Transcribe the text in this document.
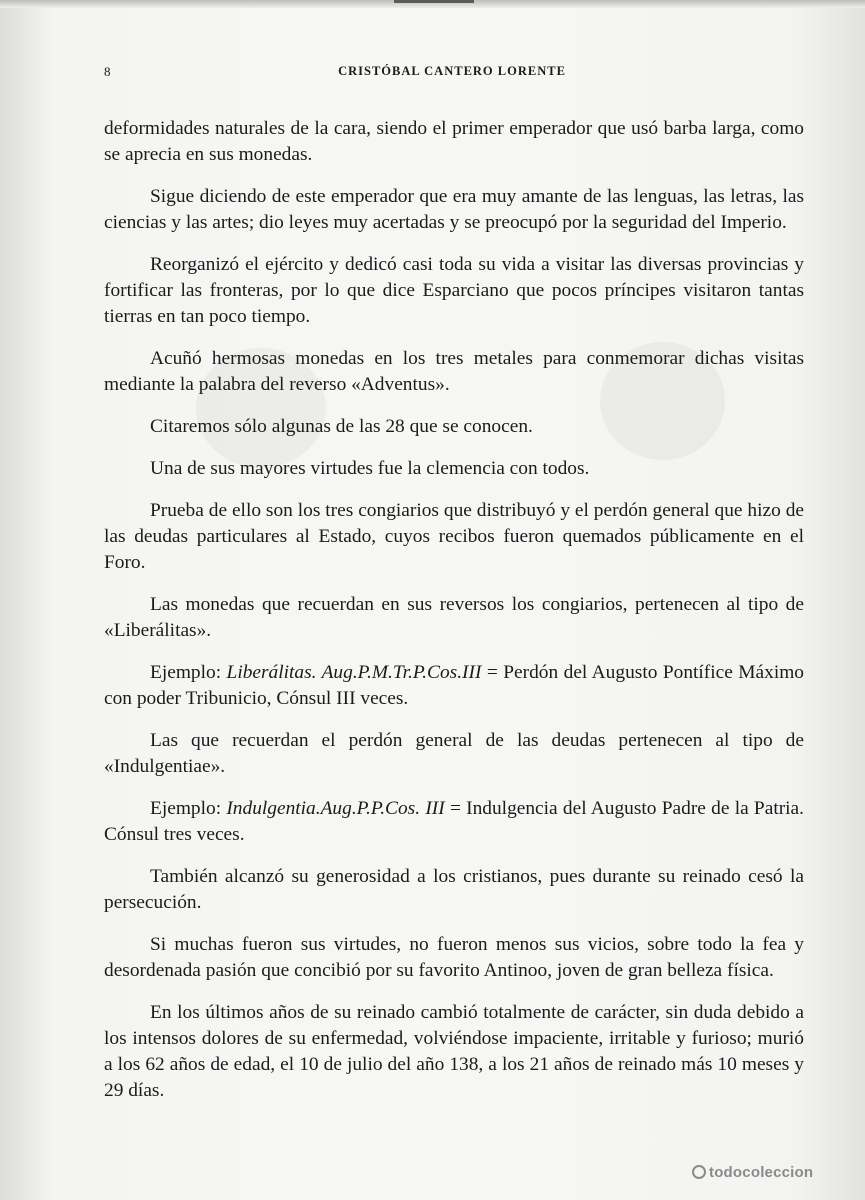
8	CRISTÓBAL CANTERO LORENTE

deformidades naturales de la cara, siendo el primer emperador que usó barba larga, como se aprecia en sus monedas.

Sigue diciendo de este emperador que era muy amante de las lenguas, las letras, las ciencias y las artes; dio leyes muy acertadas y se preocupó por la seguridad del Imperio.

Reorganizó el ejército y dedicó casi toda su vida a visitar las diversas provincias y fortificar las fronteras, por lo que dice Esparciano que pocos príncipes visitaron tantas tierras en tan poco tiempo.

Acuñó hermosas monedas en los tres metales para conmemorar dichas visitas mediante la palabra del reverso «Adventus».

Citaremos sólo algunas de las 28 que se conocen.

Una de sus mayores virtudes fue la clemencia con todos.

Prueba de ello son los tres congiarios que distribuyó y el perdón general que hizo de las deudas particulares al Estado, cuyos recibos fueron quemados públicamente en el Foro.

Las monedas que recuerdan en sus reversos los congiarios, pertenecen al tipo de «Liberálitas».

Ejemplo: Liberálitas. Aug.P.M.Tr.P.Cos.III = Perdón del Augusto Pontífice Máximo con poder Tribunicio, Cónsul III veces.

Las que recuerdan el perdón general de las deudas pertenecen al tipo de «Indulgentiae».

Ejemplo: Indulgentia.Aug.P.P.Cos. III = Indulgencia del Augusto Padre de la Patria. Cónsul tres veces.

También alcanzó su generosidad a los cristianos, pues durante su reinado cesó la persecución.

Si muchas fueron sus virtudes, no fueron menos sus vicios, sobre todo la fea y desordenada pasión que concibió por su favorito Antinoo, joven de gran belleza física.

En los últimos años de su reinado cambió totalmente de carácter, sin duda debido a los intensos dolores de su enfermedad, volviéndose impaciente, irritable y furioso; murió a los 62 años de edad, el 10 de julio del año 138, a los 21 años de reinado más 10 meses y 29 días.

todocoleccion
